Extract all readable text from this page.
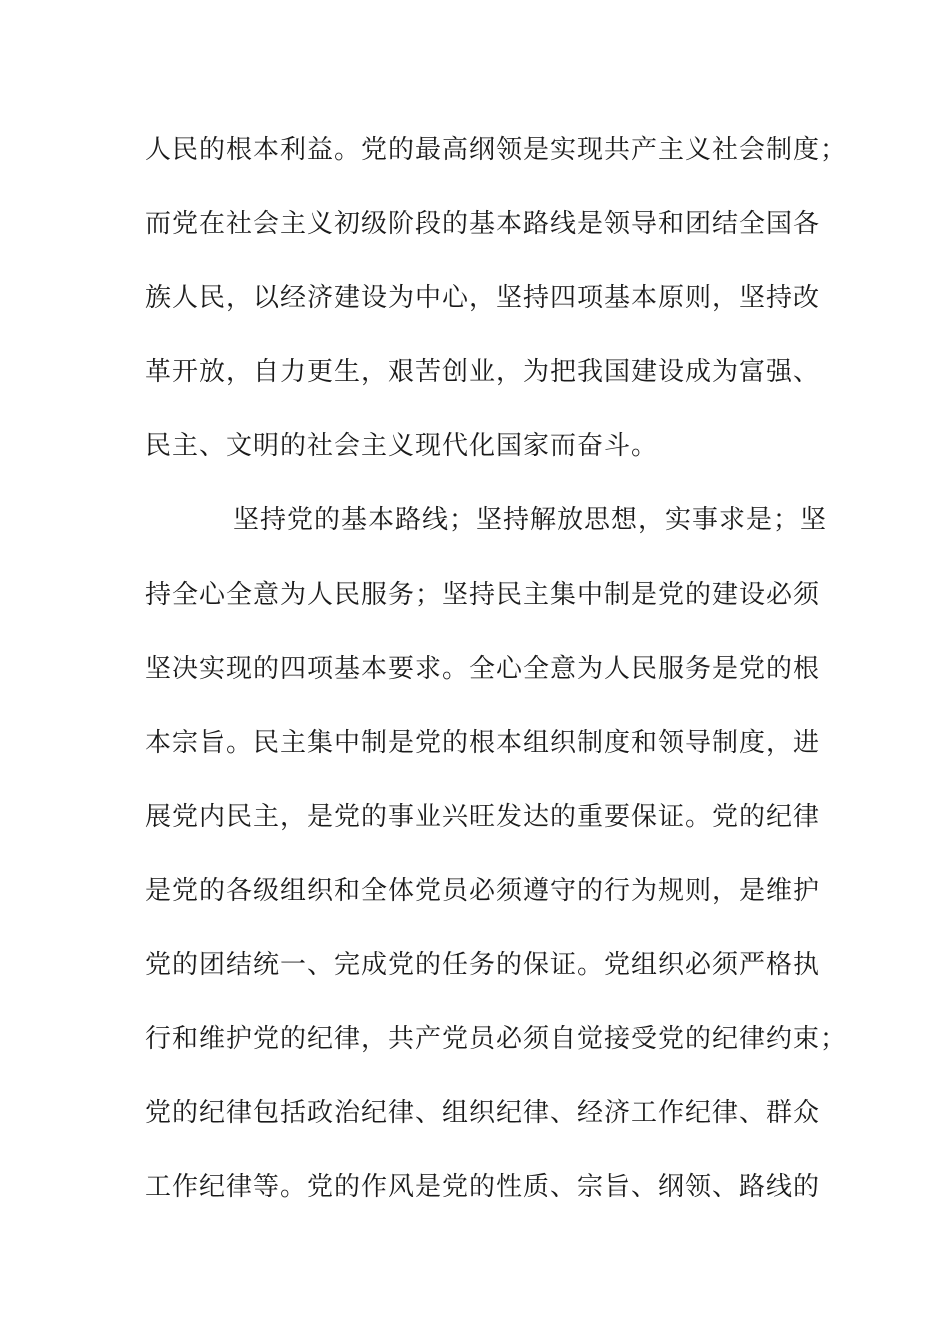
人民的根本利益。党的最高纲领是实现共产主义社会制度；
而党在社会主义初级阶段的基本路线是领导和团结全国各
族人民，以经济建设为中心，坚持四项基本原则，坚持改
革开放，自力更生，艰苦创业，为把我国建设成为富强、
民主、文明的社会主义现代化国家而奋斗。
坚持党的基本路线；坚持解放思想，实事求是；坚
持全心全意为人民服务；坚持民主集中制是党的建设必须
坚决实现的四项基本要求。全心全意为人民服务是党的根
本宗旨。民主集中制是党的根本组织制度和领导制度，进
展党内民主，是党的事业兴旺发达的重要保证。党的纪律
是党的各级组织和全体党员必须遵守的行为规则，是维护
党的团结统一、完成党的任务的保证。党组织必须严格执
行和维护党的纪律，共产党员必须自觉接受党的纪律约束；
党的纪律包括政治纪律、组织纪律、经济工作纪律、群众
工作纪律等。党的作风是党的性质、宗旨、纲领、路线的
